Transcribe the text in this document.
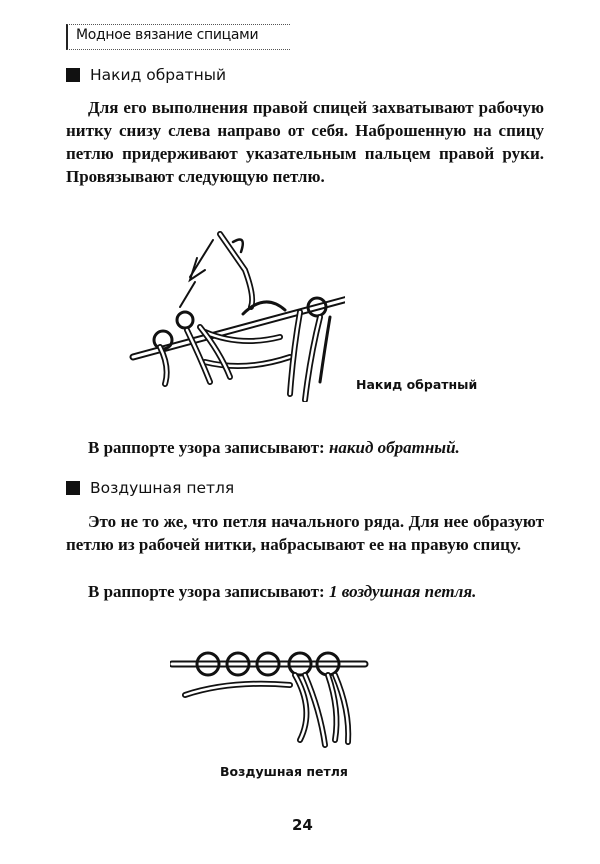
Модное вязание спицами
Накид обратный

Для его выполнения правой спицей захватывают рабочую нитку снизу слева направо от себя. Наброшенную на спицу петлю придерживают указательным пальцем правой руки. Провязывают следующую петлю.

Накид обратный

В раппорте узора записывают: накид обратный.

Воздушная петля

Это не то же, что петля начального ряда. Для нее образуют петлю из рабочей нитки, набрасывают ее на правую спицу.

В раппорте узора записывают: 1 воздушная петля.

Воздушная петля
24
